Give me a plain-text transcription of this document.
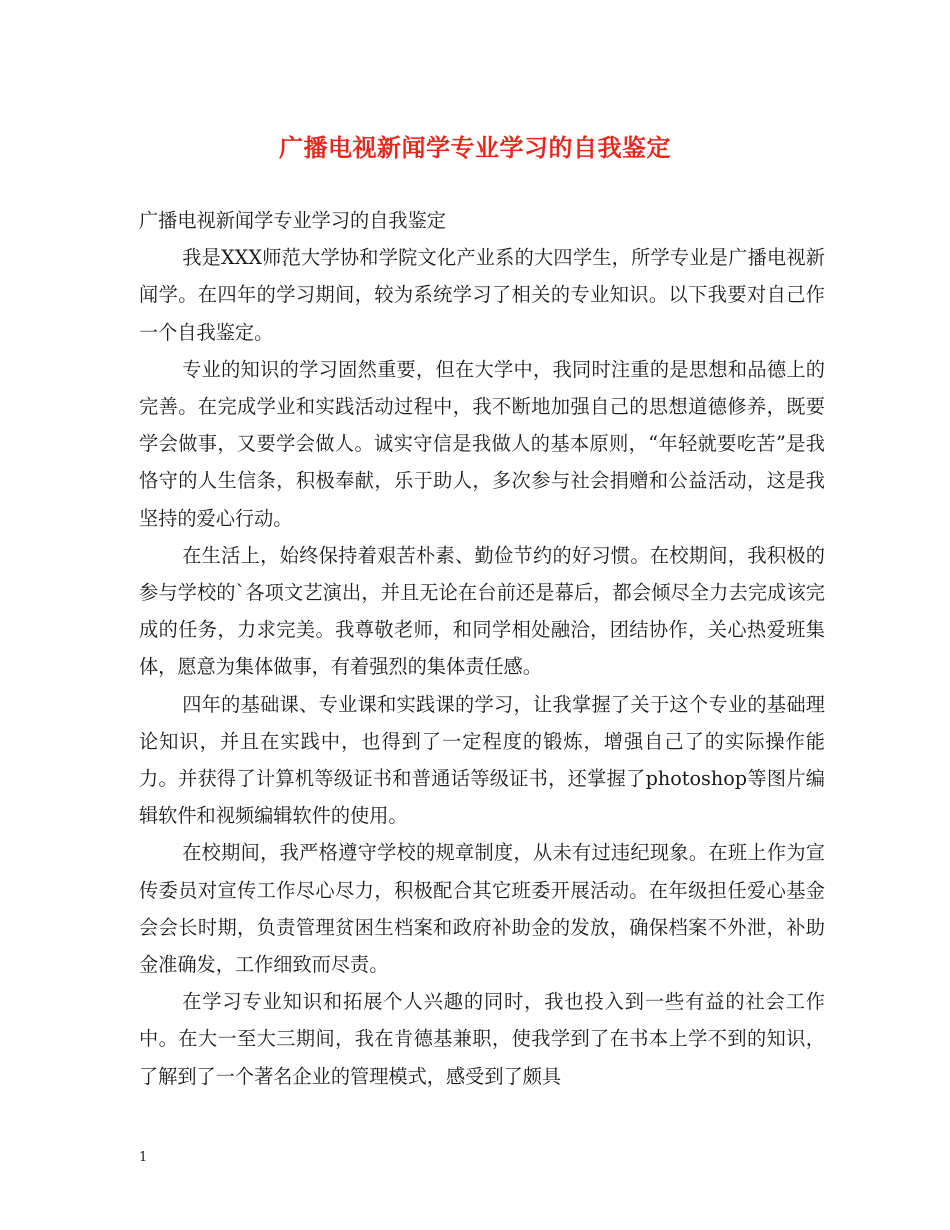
广播电视新闻学专业学习的自我鉴定

广播电视新闻学专业学习的自我鉴定

我是XXX师范大学协和学院文化产业系的大四学生，所学专业是广播电视新闻学。在四年的学习期间，较为系统学习了相关的专业知识。以下我要对自己作一个自我鉴定。

专业的知识的学习固然重要，但在大学中，我同时注重的是思想和品德上的完善。在完成学业和实践活动过程中，我不断地加强自己的思想道德修养，既要学会做事，又要学会做人。诚实守信是我做人的基本原则，“年轻就要吃苦”是我恪守的人生信条，积极奉献，乐于助人，多次参与社会捐赠和公益活动，这是我坚持的爱心行动。

在生活上，始终保持着艰苦朴素、勤俭节约的好习惯。在校期间，我积极的参与学校的`各项文艺演出，并且无论在台前还是幕后，都会倾尽全力去完成该完成的任务，力求完美。我尊敬老师，和同学相处融洽，团结协作，关心热爱班集体，愿意为集体做事，有着强烈的集体责任感。

四年的基础课、专业课和实践课的学习，让我掌握了关于这个专业的基础理论知识，并且在实践中，也得到了一定程度的锻炼，增强自己了的实际操作能力。并获得了计算机等级证书和普通话等级证书，还掌握了photoshop等图片编辑软件和视频编辑软件的使用。

在校期间，我严格遵守学校的规章制度，从未有过违纪现象。在班上作为宣传委员对宣传工作尽心尽力，积极配合其它班委开展活动。在年级担任爱心基金会会长时期，负责管理贫困生档案和政府补助金的发放，确保档案不外泄，补助金准确发，工作细致而尽责。

在学习专业知识和拓展个人兴趣的同时，我也投入到一些有益的社会工作中。在大一至大三期间，我在肯德基兼职，使我学到了在书本上学不到的知识，了解到了一个著名企业的管理模式，感受到了颇具

1
